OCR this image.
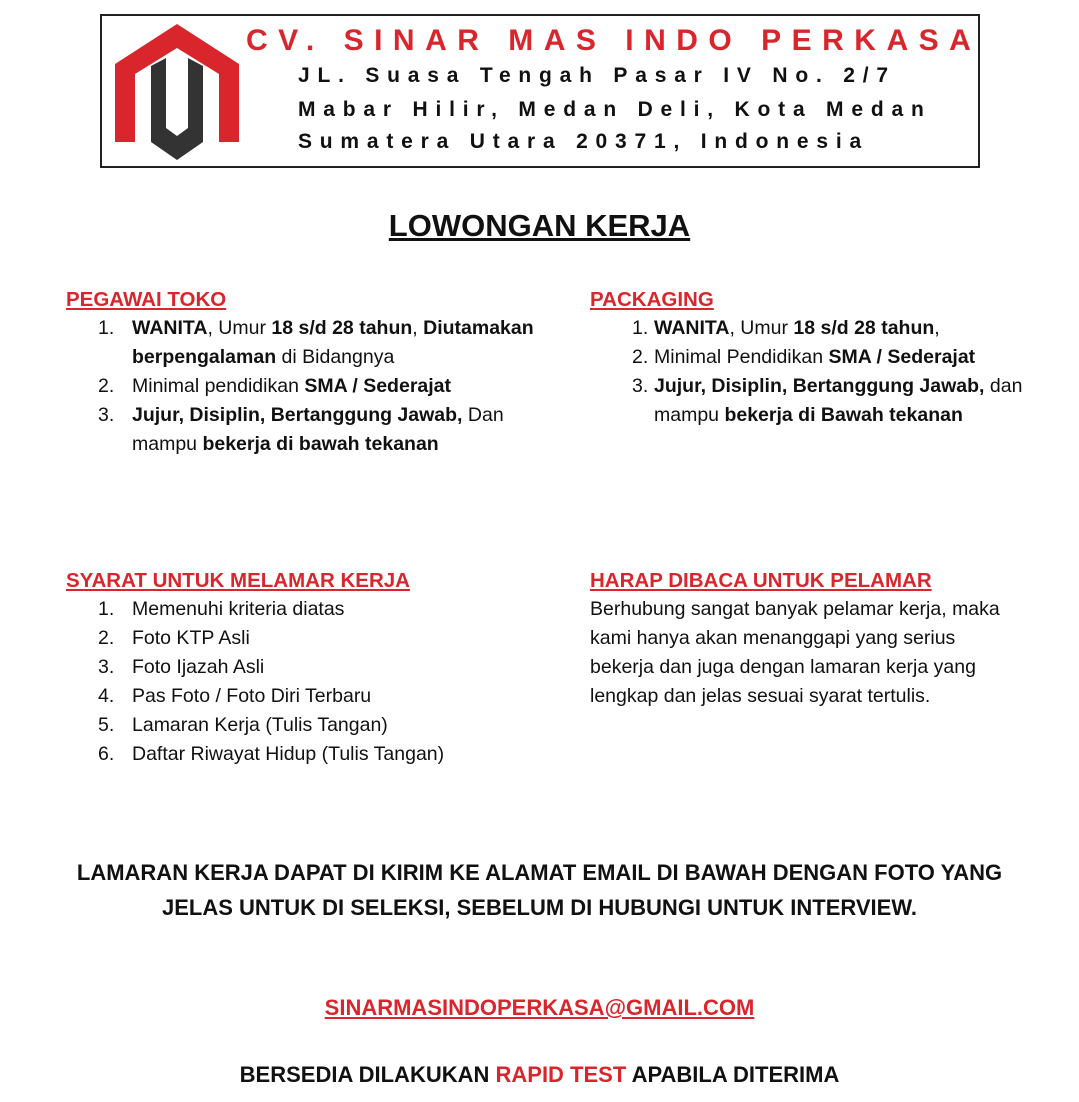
CV. SINAR MAS INDO PERKASA
JL. Suasa Tengah Pasar IV No. 2/7
Mabar Hilir, Medan Deli, Kota Medan
Sumatera Utara 20371, Indonesia
LOWONGAN KERJA
PEGAWAI TOKO
1. WANITA, Umur 18 s/d 28 tahun, Diutamakan berpengalaman di Bidangnya
2. Minimal pendidikan SMA / Sederajat
3. Jujur, Disiplin, Bertanggung Jawab, Dan mampu bekerja di bawah tekanan
PACKAGING
1. WANITA, Umur 18 s/d 28 tahun,
2. Minimal Pendidikan SMA / Sederajat
3. Jujur, Disiplin, Bertanggung Jawab, dan mampu bekerja di Bawah tekanan
SYARAT UNTUK MELAMAR KERJA
1. Memenuhi kriteria diatas
2. Foto KTP Asli
3. Foto Ijazah Asli
4. Pas Foto / Foto Diri Terbaru
5. Lamaran Kerja (Tulis Tangan)
6. Daftar Riwayat Hidup (Tulis Tangan)
HARAP DIBACA UNTUK PELAMAR
Berhubung sangat banyak pelamar kerja, maka kami hanya akan menanggapi yang serius bekerja dan juga dengan lamaran kerja yang lengkap dan jelas sesuai syarat tertulis.
LAMARAN KERJA DAPAT DI KIRIM KE ALAMAT EMAIL DI BAWAH DENGAN FOTO YANG JELAS UNTUK DI SELEKSI, SEBELUM DI HUBUNGI UNTUK INTERVIEW.
SINARMASINDOPERKASA@GMAIL.COM
BERSEDIA DILAKUKAN RAPID TEST APABILA DITERIMA
